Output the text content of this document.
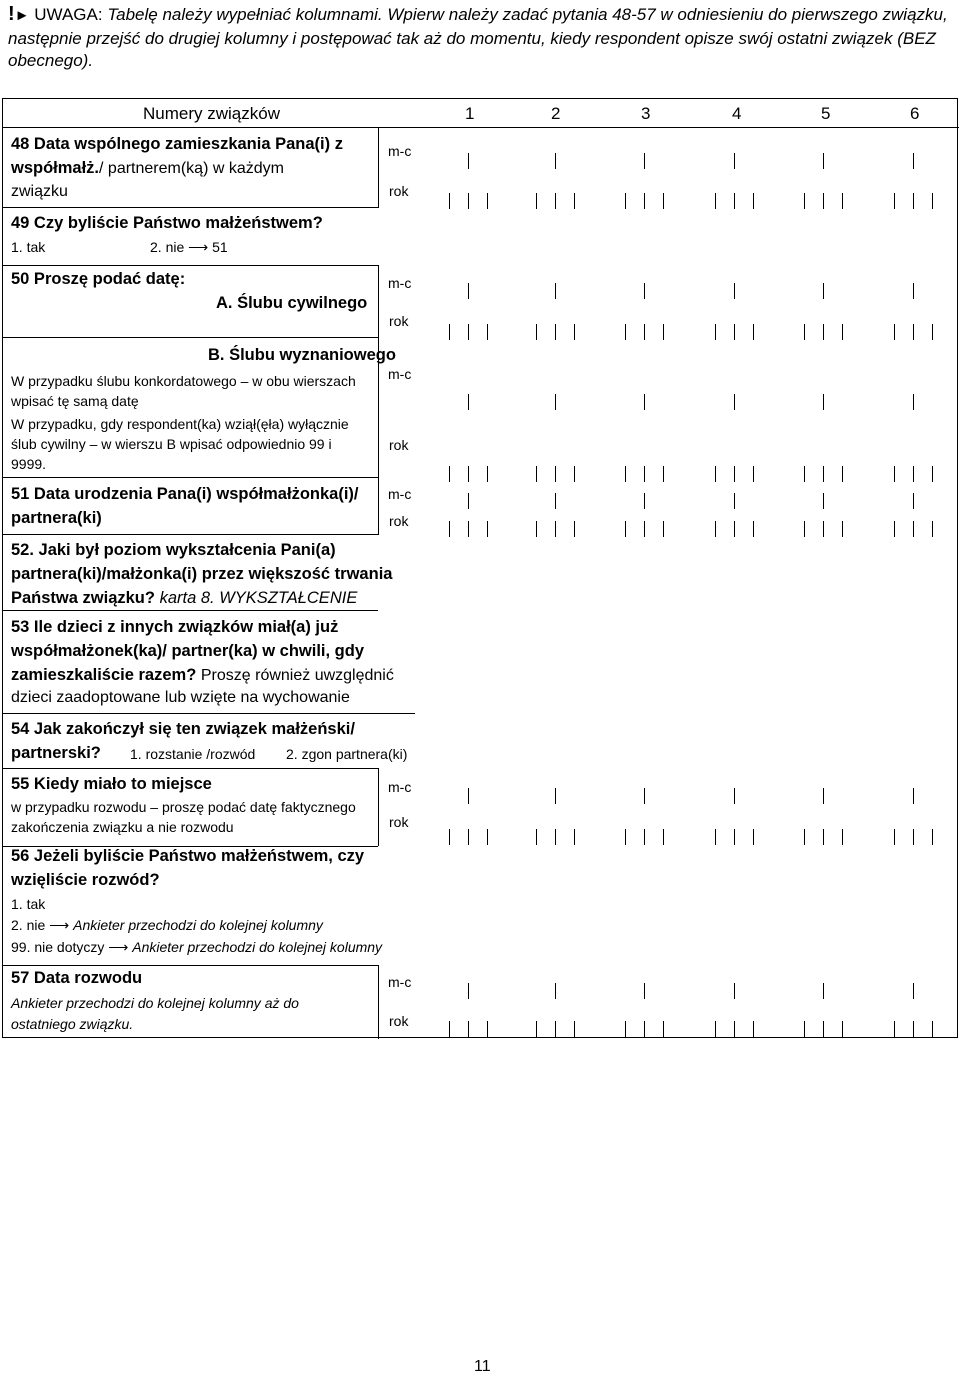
!► UWAGA: Tabelę należy wypełniać kolumnami. Wpierw należy zadać pytania 48-57 w odniesieniu do pierwszego związku, następnie przejść do drugiej kolumny i postępować tak aż do momentu, kiedy respondent opisze swój ostatni związek (BEZ obecnego).
Numery związków	1	2	3	4	5	6
48 Data wspólnego zamieszkania Pana(i) z
współmałż./ partnerem(ką) w każdym
związku
m-c
rok
49 Czy byliście Państwo małżeństwem?
1. tak	2. nie ⟶ 51
50 Proszę podać datę:
A. Ślubu cywilnego
m-c
rok
B. Ślubu wyznaniowego
W przypadku ślubu konkordatowego – w obu wierszach
wpisać tę samą datę
W przypadku, gdy respondent(ka) wziął(ęła) wyłącznie
ślub cywilny – w wierszu B wpisać odpowiednio 99 i
9999.
m-c
rok
51 Data urodzenia Pana(i) współmałżonka(i)/
partnera(ki)
m-c
rok
52. Jaki był poziom wykształcenia Pani(a)
partnera(ki)/małżonka(i) przez większość trwania
Państwa związku? karta 8. WYKSZTAŁCENIE
53 Ile dzieci z innych związków miał(a) już
współmałżonek(ka)/ partner(ka) w chwili, gdy
zamieszkaliście razem? Proszę również uwzględnić
dzieci zaadoptowane lub wzięte na wychowanie
54 Jak zakończył się ten związek małżeński/
partnerski? 1. rozstanie /rozwód 2. zgon partnera(ki)
55 Kiedy miało to miejsce
w przypadku rozwodu – proszę podać datę faktycznego
zakończenia związku a nie rozwodu
m-c
rok
56 Jeżeli byliście Państwo małżeństwem, czy
wzięliście rozwód?
1. tak
2. nie ⟶ Ankieter przechodzi do kolejnej kolumny
99. nie dotyczy ⟶ Ankieter przechodzi do kolejnej kolumny
57 Data rozwodu
Ankieter przechodzi do kolejnej kolumny aż do
ostatniego związku.
m-c
rok
11
